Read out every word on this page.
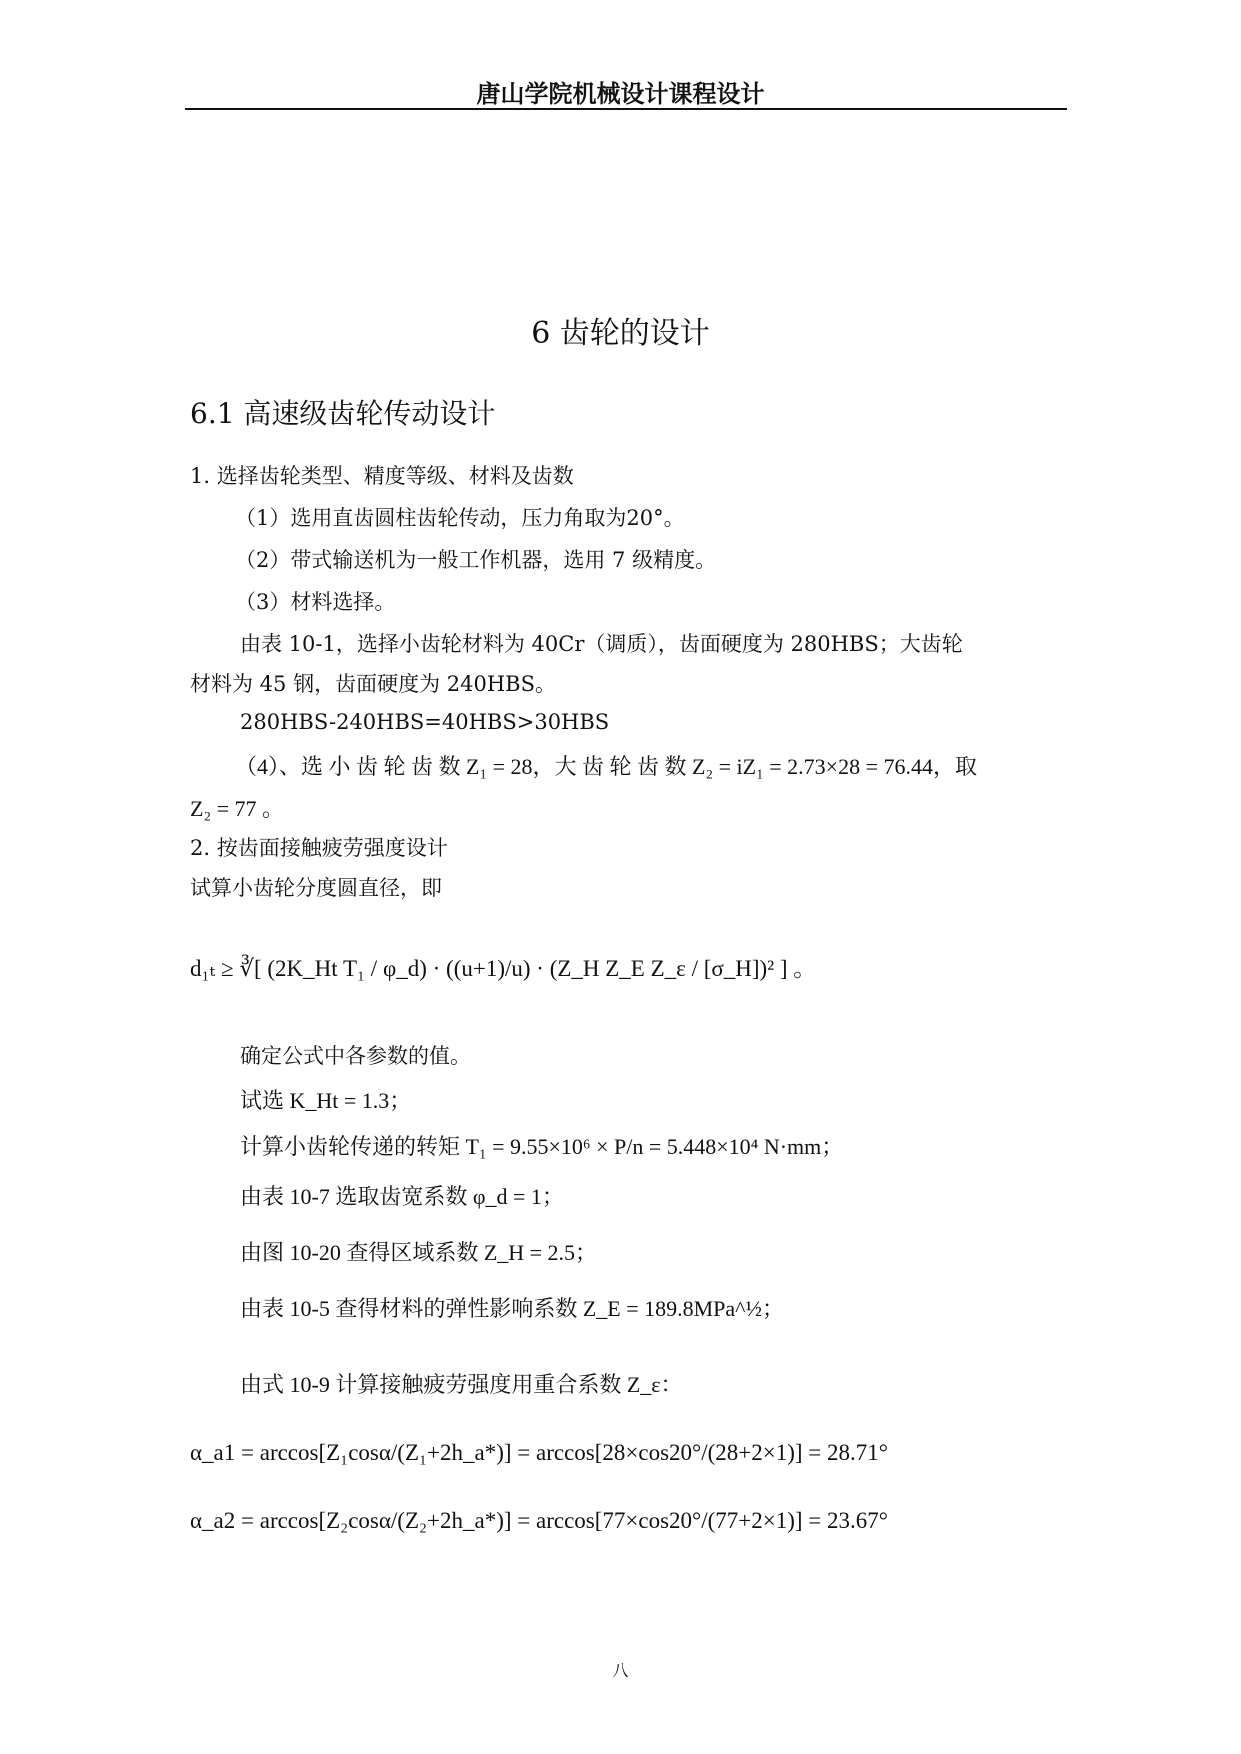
唐山学院机械设计课程设计
6 齿轮的设计
6.1 高速级齿轮传动设计
1. 选择齿轮类型、精度等级、材料及齿数
（1）选用直齿圆柱齿轮传动，压力角取为20°。
（2）带式输送机为一般工作机器，选用 7 级精度。
（3）材料选择。
由表 10-1，选择小齿轮材料为 40Cr（调质），齿面硬度为 280HBS；大齿轮
材料为 45 钢，齿面硬度为 240HBS。
280HBS-240HBS=40HBS>30HBS
（4）、选 小 齿 轮 齿 数 Z₁ = 28，大 齿 轮 齿 数 Z₂ = iZ₁ = 2.73×28 = 76.44，取
Z₂ = 77 。
2. 按齿面接触疲劳强度设计
试算小齿轮分度圆直径，即
d₁ₜ ≥ ∛[ (2K_Ht T₁ / φ_d) · ((u+1)/u) · (Z_H Z_E Z_ε / [σ_H])² ] 。
确定公式中各参数的值。
试选 K_Ht = 1.3；
计算小齿轮传递的转矩 T₁ = 9.55×10⁶ × P/n = 5.448×10⁴ N·mm；
由表 10-7 选取齿宽系数 φ_d = 1；
由图 10-20 查得区域系数 Z_H = 2.5；
由表 10-5 查得材料的弹性影响系数 Z_E = 189.8MPa^½；
由式 10-9 计算接触疲劳强度用重合系数 Z_ε：
α_a1 = arccos[Z₁cosα/(Z₁+2h_a*)] = arccos[28×cos20°/(28+2×1)] = 28.71°
α_a2 = arccos[Z₂cosα/(Z₂+2h_a*)] = arccos[77×cos20°/(77+2×1)] = 23.67°
八
